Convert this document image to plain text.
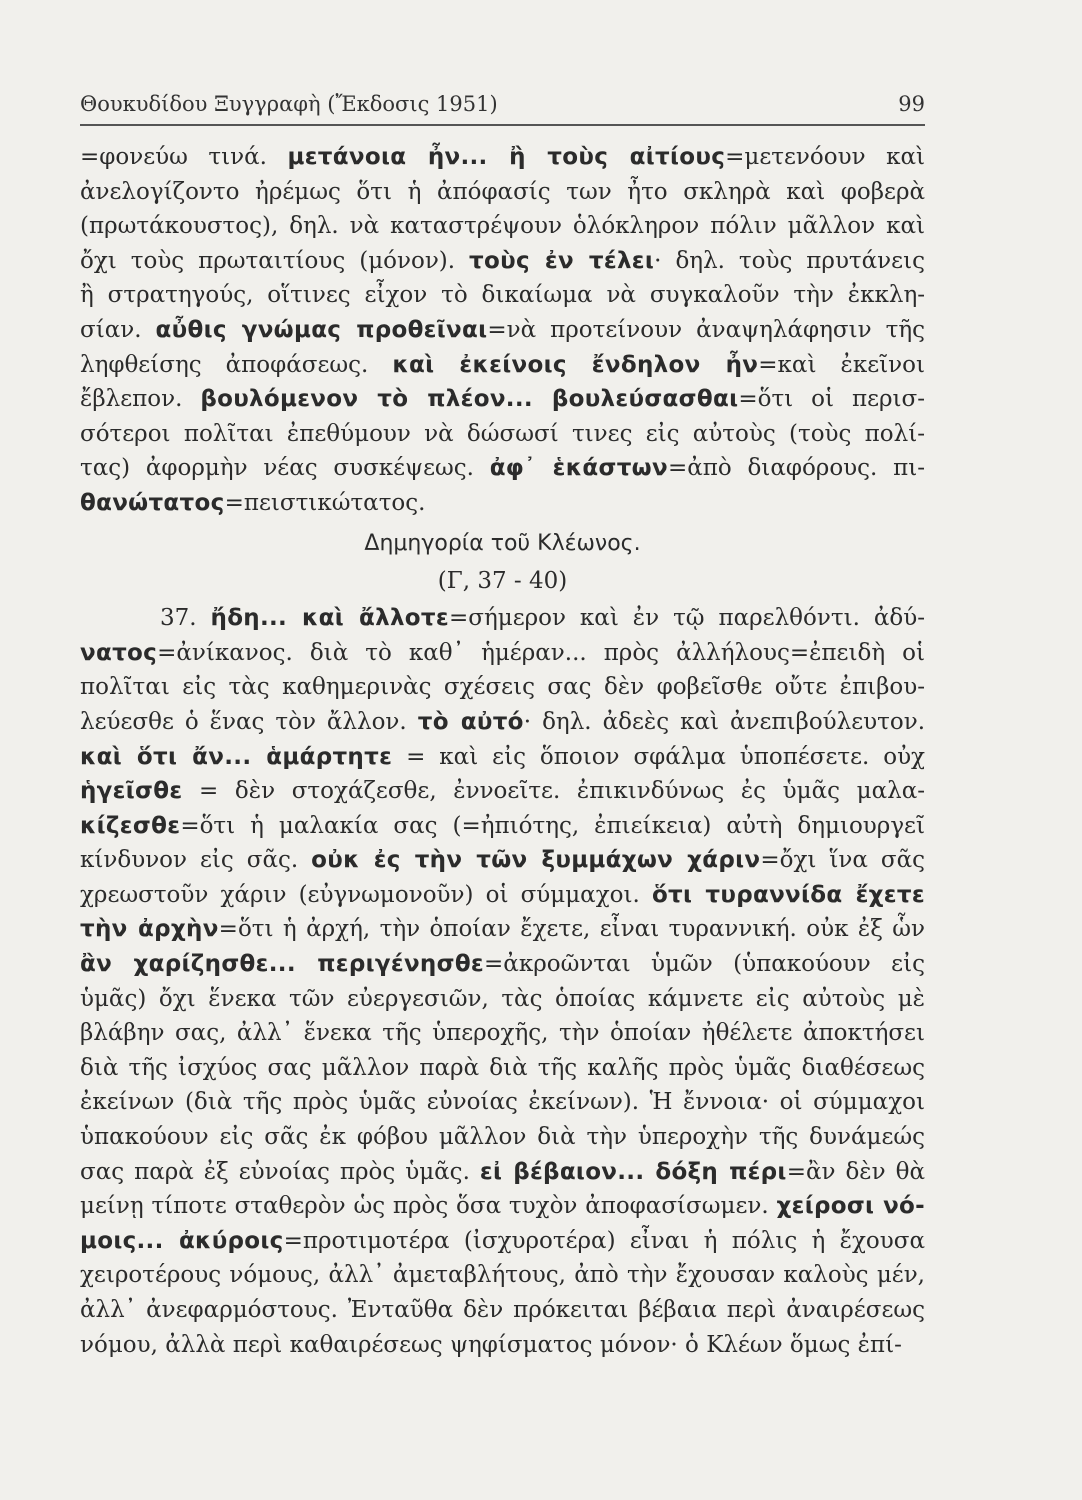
Θουκυδίδου Ξυγγραφὴ (Ἔκδοσις 1951)	99
=φονεύω τινά. μετάνοια ἦν... ἢ τοὺς αἰτίους=μετενόουν καὶ
ἀνελογίζοντο ἠρέμως ὅτι ἡ ἀπόφασίς των ἦτο σκληρὰ καὶ φοβερὰ
(πρωτάκουστος), δηλ. νὰ καταστρέψουν ὁλόκληρον πόλιν μᾶλλον καὶ
ὄχι τοὺς πρωταιτίους (μόνον). τοὺς ἐν τέλει· δηλ. τοὺς πρυτάνεις
ἢ στρατηγούς, οἵτινες εἶχον τὸ δικαίωμα νὰ συγκαλοῦν τὴν ἐκκλη-
σίαν. αὖθις γνώμας προθεῖναι=νὰ προτείνουν ἀναψηλάφησιν τῆς
ληφθείσης ἀποφάσεως. καὶ ἐκείνοις ἔνδηλον ἦν=καὶ ἐκεῖνοι
ἔβλεπον. βουλόμενον τὸ πλέον... βουλεύσασθαι=ὅτι οἱ περισ-
σότεροι πολῖται ἐπεθύμουν νὰ δώσωσί τινες εἰς αὐτοὺς (τοὺς πολί-
τας) ἀφορμὴν νέας συσκέψεως. ἀφ᾽ ἑκάστων=ἀπὸ διαφόρους. πι-
θανώτατος=πειστικώτατος.
Δημηγορία τοῦ Κλέωνος.
(Γ, 37 - 40)
37. ἤδη... καὶ ἄλλοτε=σήμερον καὶ ἐν τῷ παρελθόντι. ἀδύ-
νατος=ἀνίκανος. διὰ τὸ καθ᾽ ἡμέραν... πρὸς ἀλλήλους=ἐπειδὴ οἱ
πολῖται εἰς τὰς καθημερινὰς σχέσεις σας δὲν φοβεῖσθε οὔτε ἐπιβου-
λεύεσθε ὁ ἕνας τὸν ἄλλον. τὸ αὐτό· δηλ. ἀδεὲς καὶ ἀνεπιβούλευτον.
καὶ ὅτι ἄν... ἁμάρτητε = καὶ εἰς ὅποιον σφάλμα ὑποπέσετε. οὐχ
ἡγεῖσθε = δὲν στοχάζεσθε, ἐννοεῖτε. ἐπικινδύνως ἐς ὑμᾶς μαλα-
κίζεσθε=ὅτι ἡ μαλακία σας (=ἠπιότης, ἐπιείκεια) αὐτὴ δημιουργεῖ
κίνδυνον εἰς σᾶς. οὐκ ἐς τὴν τῶν ξυμμάχων χάριν=ὄχι ἵνα σᾶς
χρεωστοῦν χάριν (εὐγνωμονοῦν) οἱ σύμμαχοι. ὅτι τυραννίδα ἔχετε
τὴν ἀρχὴν=ὅτι ἡ ἀρχή, τὴν ὁποίαν ἔχετε, εἶναι τυραννική. οὐκ ἐξ ὧν
ἂν χαρίζησθε... περιγένησθε=ἀκροῶνται ὑμῶν (ὑπακούουν εἰς
ὑμᾶς) ὄχι ἕνεκα τῶν εὐεργεσιῶν, τὰς ὁποίας κάμνετε εἰς αὐτοὺς μὲ
βλάβην σας, ἀλλ᾽ ἕνεκα τῆς ὑπεροχῆς, τὴν ὁποίαν ἠθέλετε ἀποκτήσει
διὰ τῆς ἰσχύος σας μᾶλλον παρὰ διὰ τῆς καλῆς πρὸς ὑμᾶς διαθέσεως
ἐκείνων (διὰ τῆς πρὸς ὑμᾶς εὐνοίας ἐκείνων). Ἡ ἔννοια· οἱ σύμμαχοι
ὑπακούουν εἰς σᾶς ἐκ φόβου μᾶλλον διὰ τὴν ὑπεροχὴν τῆς δυνάμεώς
σας παρὰ ἐξ εὐνοίας πρὸς ὑμᾶς. εἰ βέβαιον... δόξη πέρι=ἂν δὲν θὰ
μείνῃ τίποτε σταθερὸν ὡς πρὸς ὅσα τυχὸν ἀποφασίσωμεν. χείροσι νό-
μοις... ἀκύροις=προτιμοτέρα (ἰσχυροτέρα) εἶναι ἡ πόλις ἡ ἔχουσα
χειροτέρους νόμους, ἀλλ᾽ ἀμεταβλήτους, ἀπὸ τὴν ἔχουσαν καλοὺς μέν,
ἀλλ᾽ ἀνεφαρμόστους. Ἐνταῦθα δὲν πρόκειται βέβαια περὶ ἀναιρέσεως
νόμου, ἀλλὰ περὶ καθαιρέσεως ψηφίσματος μόνον· ὁ Κλέων ὅμως ἐπί-
